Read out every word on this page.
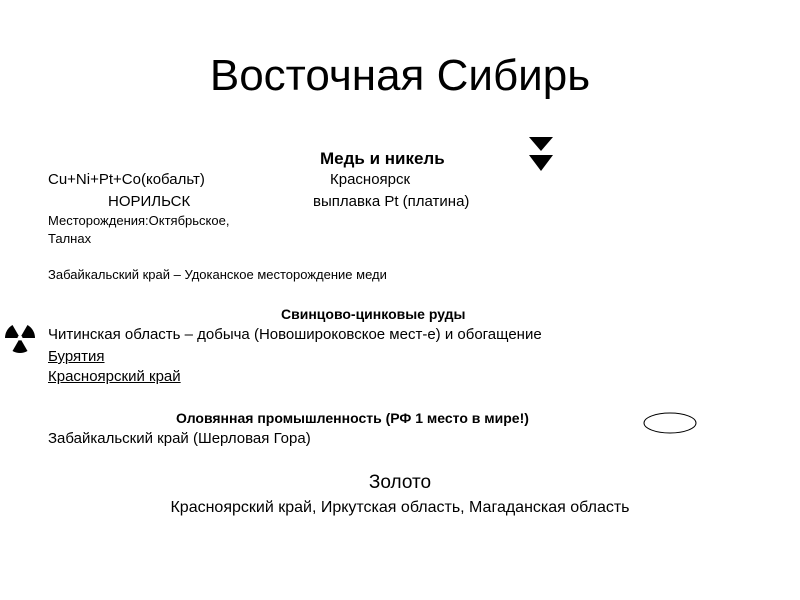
Восточная Сибирь
Медь и никель
Cu+Ni+Pt+Co(кобальт)	Красноярск
НОРИЛЬСК	выплавка Pt (платина)
Месторождения:Октябрьское,
Талнах
Забайкальский край – Удоканское месторождение меди
Свинцово-цинковые руды
Читинская область – добыча (Новошироковское мест-е) и обогащение
Бурятия
Красноярский край
Оловянная промышленность (РФ 1 место в мире!)
Забайкальский край (Шерловая Гора)
Золото
Красноярский край, Иркутская область, Магаданская область
